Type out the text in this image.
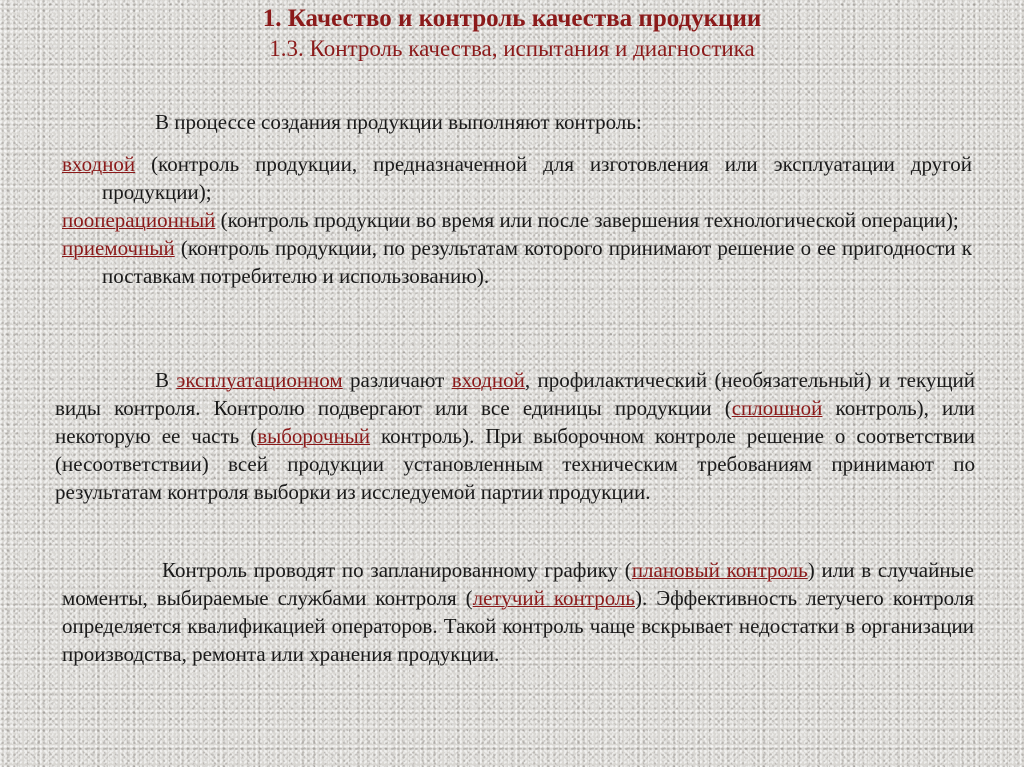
1. Качество и контроль качества продукции
1.3. Контроль качества, испытания и диагностика
В процессе создания продукции выполняют контроль:

входной (контроль продукции, предназначенной для изготовления или эксплуатации другой продукции);

пооперационный (контроль продукции во время или после завершения технологической операции);

приемочный (контроль продукции, по результатам которого принимают решение о ее пригодности к поставкам потребителю и использованию).

В эксплуатационном различают входной, профилактический (необязательный) и текущий виды контроля. Контролю подвергают или все единицы продукции (сплошной контроль), или некоторую ее часть (выборочный контроль). При выборочном контроле решение о соответствии (несоответствии) всей продукции установленным техническим требованиям принимают по результатам контроля выборки из исследуемой партии продукции.

Контроль проводят по запланированному графику (плановый контроль) или в случайные моменты, выбираемые службами контроля (летучий контроль). Эффективность летучего контроля определяется квалификацией операторов. Такой контроль чаще вскрывает недостатки в организации производства, ремонта или хранения продукции.
